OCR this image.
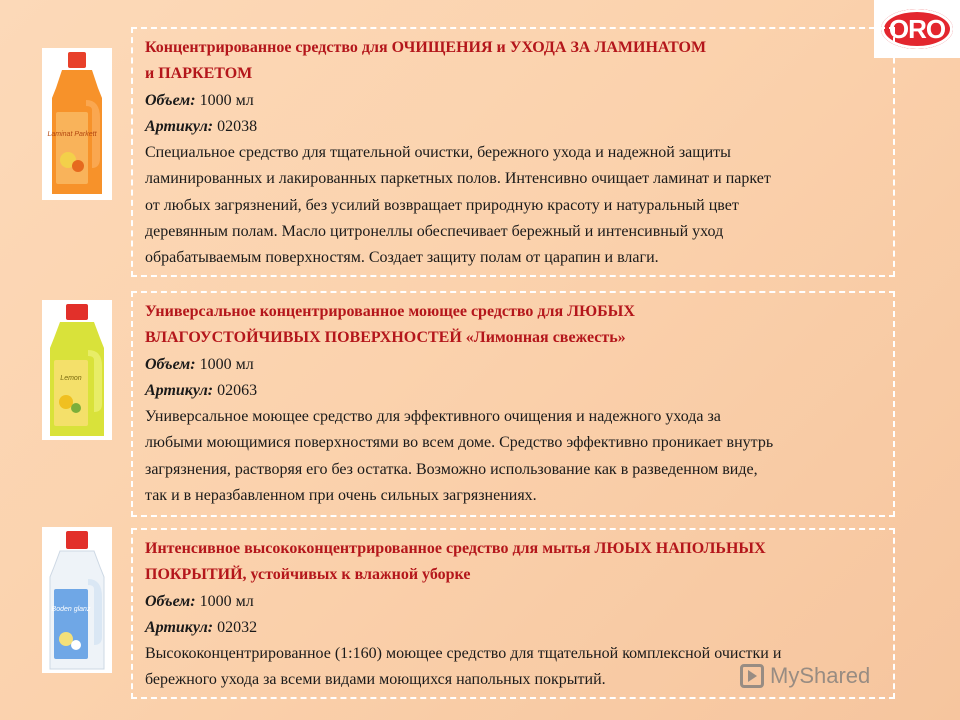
ORO
Laminat Parkett
Концентрированное средство для ОЧИЩЕНИЯ и УХОДА ЗА ЛАМИНАТОМ
и ПАРКЕТОМ
Объем: 1000 мл
Артикул: 02038
Специальное средство для тщательной очистки, бережного ухода и надежной защиты
ламинированных и лакированных паркетных полов. Интенсивно очищает ламинат и паркет
от любых загрязнений, без усилий возвращает природную красоту и натуральный цвет
деревянным полам. Масло цитронеллы обеспечивает бережный и интенсивный уход
обрабатываемым поверхностям. Создает защиту полам от царапин и влаги.
Lemon
Универсальное концентрированное моющее средство для ЛЮБЫХ
ВЛАГОУСТОЙЧИВЫХ ПОВЕРХНОСТЕЙ «Лимонная свежесть»
Объем: 1000 мл
Артикул: 02063
Универсальное моющее средство для эффективного очищения и надежного ухода за
любыми моющимися поверхностями во всем доме. Средство эффективно проникает внутрь
загрязнения, растворяя его без остатка. Возможно использование как в разведенном виде,
так и в неразбавленном при очень сильных загрязнениях.
Boden glanz
Интенсивное высококонцентрированное средство для мытья ЛЮЫХ НАПОЛЬНЫХ
ПОКРЫТИЙ, устойчивых к влажной уборке
Объем: 1000 мл
Артикул: 02032
Высококонцентрированное (1:160) моющее средство для тщательной комплексной очистки и
бережного ухода за всеми видами моющихся напольных покрытий.	MyShared
